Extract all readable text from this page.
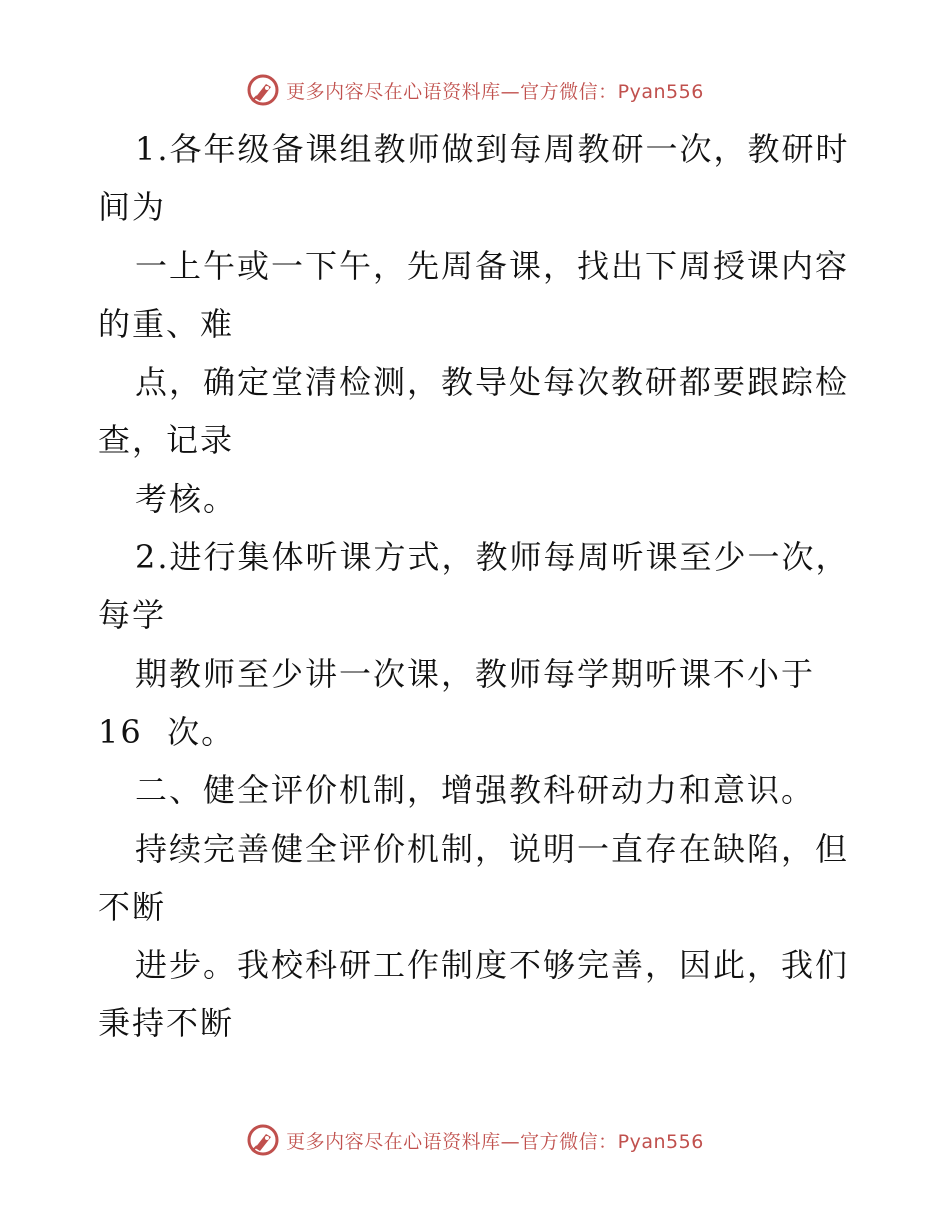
更多内容尽在心语资料库—官方微信：Pyan556
1.各年级备课组教师做到每周教研一次，教研时
间为
一上午或一下午，先周备课，找出下周授课内容
的重、难
点，确定堂清检测，教导处每次教研都要跟踪检
查，记录
考核。
2.进行集体听课方式，教师每周听课至少一次，
每学
期教师至少讲一次课，教师每学期听课不小于
16  次。
二、健全评价机制，增强教科研动力和意识。
持续完善健全评价机制，说明一直存在缺陷，但
不断
进步。我校科研工作制度不够完善，因此，我们
秉持不断
更多内容尽在心语资料库—官方微信：Pyan556
